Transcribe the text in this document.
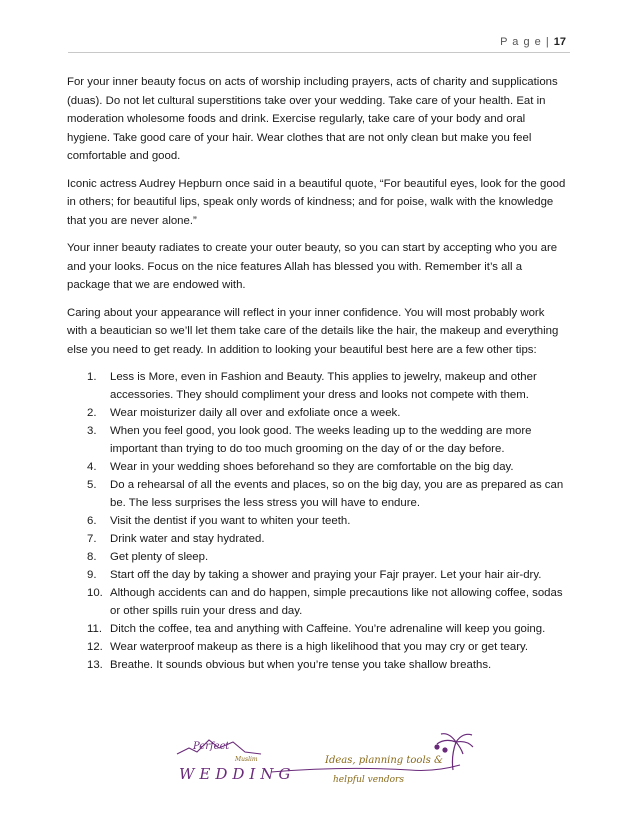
P a g e | 17

For your inner beauty focus on acts of worship including prayers, acts of charity and supplications (duas). Do not let cultural superstitions take over your wedding. Take care of your health. Eat in moderation wholesome foods and drink. Exercise regularly, take care of your body and oral hygiene. Take good care of your hair. Wear clothes that are not only clean but make you feel comfortable and good.

Iconic actress Audrey Hepburn once said in a beautiful quote, “For beautiful eyes, look for the good in others; for beautiful lips, speak only words of kindness; and for poise, walk with the knowledge that you are never alone.”

Your inner beauty radiates to create your outer beauty, so you can start by accepting who you are and your looks. Focus on the nice features Allah has blessed you with. Remember it’s all a package that we are endowed with.

Caring about your appearance will reflect in your inner confidence. You will most probably work with a beautician so we’ll let them take care of the details like the hair, the makeup and everything else you need to get ready. In addition to looking your beautiful best here are a few other tips:

1.	Less is More, even in Fashion and Beauty. This applies to jewelry, makeup and other accessories. They should compliment your dress and looks not compete with them.
2.	Wear moisturizer daily all over and exfoliate once a week.
3.	When you feel good, you look good. The weeks leading up to the wedding are more important than trying to do too much grooming on the day of or the day before.
4.	Wear in your wedding shoes beforehand so they are comfortable on the big day.
5.	Do a rehearsal of all the events and places, so on the big day, you are as prepared as can be. The less surprises the less stress you will have to endure.
6.	Visit the dentist if you want to whiten your teeth.
7.	Drink water and stay hydrated.
8.	Get plenty of sleep.
9.	Start off the day by taking a shower and praying your Fajr prayer. Let your hair air-dry.
10. Although accidents can and do happen, simple precautions like not allowing coffee, sodas or other spills ruin your dress and day.
11. Ditch the coffee, tea and anything with Caffeine. You’re adrenaline will keep you going.
12. Wear waterproof makeup as there is a high likelihood that you may cry or get teary.
13. Breathe. It sounds obvious but when you’re tense you take shallow breaths.
Perfect
Muslim
WEDDING
Ideas, planning tools &
helpful vendors
